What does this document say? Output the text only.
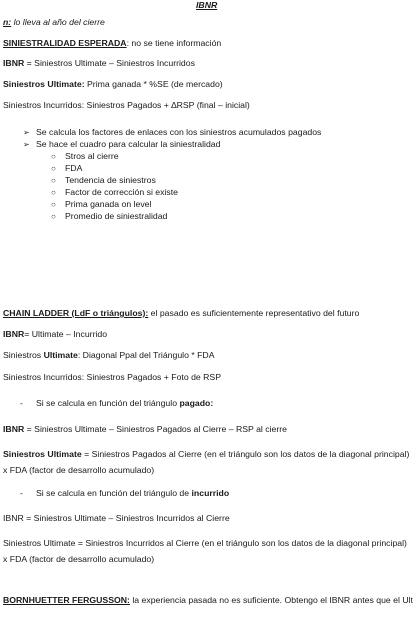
IBNR
n: lo lleva al año del cierre
SINIESTRALIDAD ESPERADA: no se tiene información
IBNR = Siniestros Ultimate – Siniestros Incurridos
Siniestros Ultimate: Prima ganada * %SE (de mercado)
Siniestros Incurridos: Siniestros Pagados + ∆RSP (final – inicial)
➢ Se calcula los factores de enlaces con los siniestros acumulados pagados
➢ Se hace el cuadro para calcular la siniestralidad
○ Stros al cierre
○ FDA
○ Tendencia de siniestros
○ Factor de corrección si existe
○ Prima ganada on level
○ Promedio de siniestralidad
CHAIN LADDER (LdF o triángulos): el pasado es suficientemente representativo del futuro
IBNR= Ultimate – Incurrido
Siniestros Ultimate: Diagonal Ppal del Triángulo * FDA
Siniestros Incurridos: Siniestros Pagados + Foto de RSP
- Si se calcula en función del triángulo pagado:
IBNR = Siniestros Ultimate – Siniestros Pagados al Cierre – RSP al cierre
Siniestros Ultimate = Siniestros Pagados al Cierre (en el triángulo son los datos de la diagonal principal) x FDA (factor de desarrollo acumulado)
- Si se calcula en función del triángulo de incurrido
IBNR = Siniestros Ultimate – Siniestros Incurridos al Cierre
Siniestros Ultimate = Siniestros Incurridos al Cierre (en el triángulo son los datos de la diagonal principal) x FDA (factor de desarrollo acumulado)
BORNHUETTER FERGUSSON: la experiencia pasada no es suficiente. Obtengo el IBNR antes que el Ult
